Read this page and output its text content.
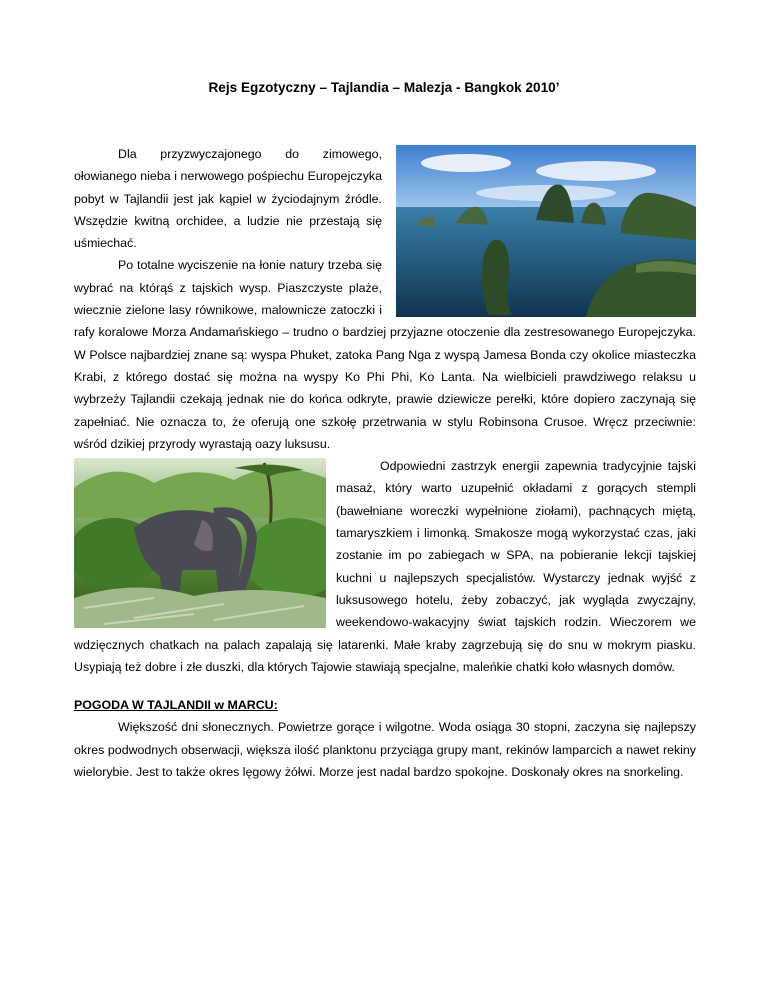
Rejs Egzotyczny – Tajlandia – Malezja - Bangkok 2010’

Dla przyzwyczajonego do zimowego, ołowianego nieba i nerwowego pośpiechu Europejczyka pobyt w Tajlandii jest jak kąpiel w życiodajnym źródle. Wszędzie kwitną orchidee, a ludzie nie przestają się uśmiechać.

Po totalne wyciszenie na łonie natury trzeba się wybrać na którąś z tajskich wysp. Piaszczyste plaże, wiecznie zielone lasy równikowe, malownicze zatoczki i rafy koralowe Morza Andamańskiego – trudno o bardziej przyjazne otoczenie dla zestresowanego Europejczyka. W Polsce najbardziej znane są: wyspa Phuket, zatoka Pang Nga z wyspą Jamesa Bonda czy okolice miasteczka Krabi, z którego dostać się można na wyspy Ko Phi Phi, Ko Lanta. Na wielbicieli prawdziwego relaksu u wybrzeży Tajlandii czekają jednak nie do końca odkryte, prawie dziewicze perełki, które dopiero zaczynają się zapełniać. Nie oznacza to, że oferują one szkołę przetrwania w stylu Robinsona Crusoe. Wręcz przeciwnie: wśród dzikiej przyrody wyrastają oazy luksusu.

Odpowiedni zastrzyk energii zapewnia tradycyjnie tajski masaż, który warto uzupełnić okładami z gorących stempli (bawełniane woreczki wypełnione ziołami), pachnących miętą, tamaryszkiem i limonką. Smakosze mogą wykorzystać czas, jaki zostanie im po zabiegach w SPA, na pobieranie lekcji tajskiej kuchni u najlepszych specjalistów. Wystarczy jednak wyjść z luksusowego hotelu, żeby zobaczyć, jak wygląda zwyczajny, weekendowo-wakacyjny świat tajskich rodzin. Wieczorem we wdzięcznych chatkach na palach zapalają się latarenki. Małe kraby zagrzebują się do snu w mokrym piasku. Usypiają też dobre i złe duszki, dla których Tajowie stawiają specjalne, maleńkie chatki koło własnych domów.

POGODA W TAJLANDII w MARCU:

Większość dni słonecznych. Powietrze gorące i wilgotne. Woda osiąga 30 stopni, zaczyna się najlepszy okres podwodnych obserwacji, większa ilość planktonu przyciąga grupy mant, rekinów lamparcich a nawet rekiny wielorybie. Jest to także okres lęgowy żółwi. Morze jest nadal bardzo spokojne. Doskonały okres na snorkeling.
